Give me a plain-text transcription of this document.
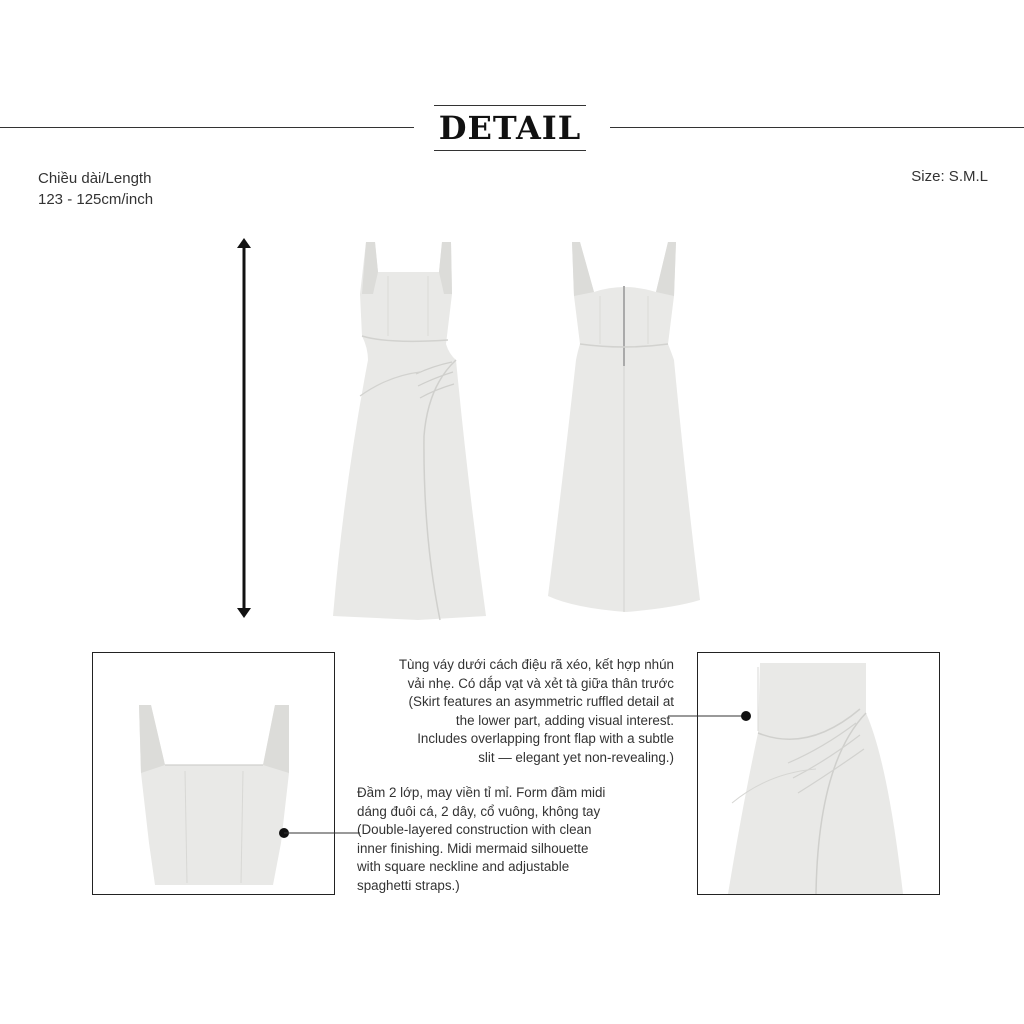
DETAIL
Chiều dài/Length
123 - 125cm/inch
Size: S.M.L
Tùng váy dưới cách điệu rã xéo, kết hợp nhún
vải nhẹ. Có dắp vạt và xẻt tà giữa thân trước
(Skirt features an asymmetric ruffled detail at
the lower part, adding visual interest.
Includes overlapping front flap with a subtle
slit — elegant yet non-revealing.)
Đầm 2 lớp, may viền tỉ mỉ. Form đầm midi
dáng đuôi cá, 2 dây, cổ vuông, không tay
(Double-layered construction with clean
inner finishing. Midi mermaid silhouette
with square neckline and adjustable
spaghetti straps.)
